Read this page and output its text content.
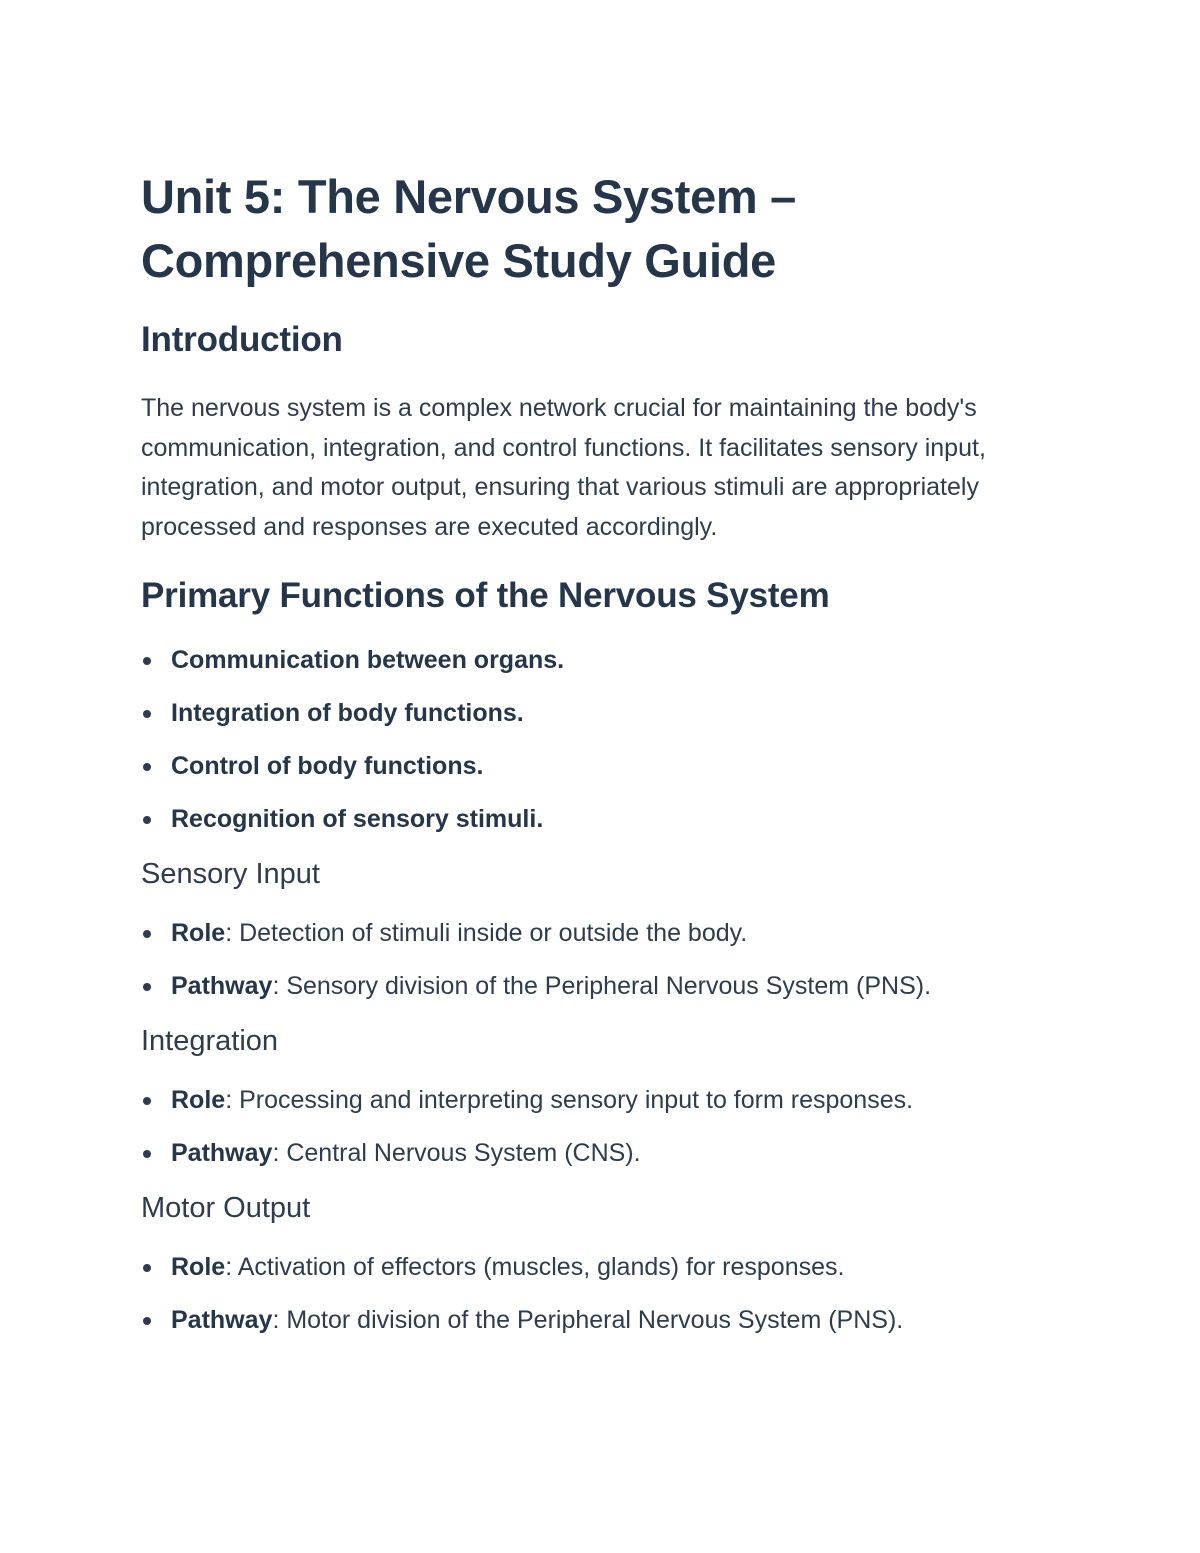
Unit 5: The Nervous System – Comprehensive Study Guide
Introduction

The nervous system is a complex network crucial for maintaining the body's communication, integration, and control functions. It facilitates sensory input, integration, and motor output, ensuring that various stimuli are appropriately processed and responses are executed accordingly.

Primary Functions of the Nervous System
Communication between organs.
Integration of body functions.
Control of body functions.
Recognition of sensory stimuli.
Sensory Input
Role: Detection of stimuli inside or outside the body.
Pathway: Sensory division of the Peripheral Nervous System (PNS).
Integration
Role: Processing and interpreting sensory input to form responses.
Pathway: Central Nervous System (CNS).
Motor Output
Role: Activation of effectors (muscles, glands) for responses.
Pathway: Motor division of the Peripheral Nervous System (PNS).
